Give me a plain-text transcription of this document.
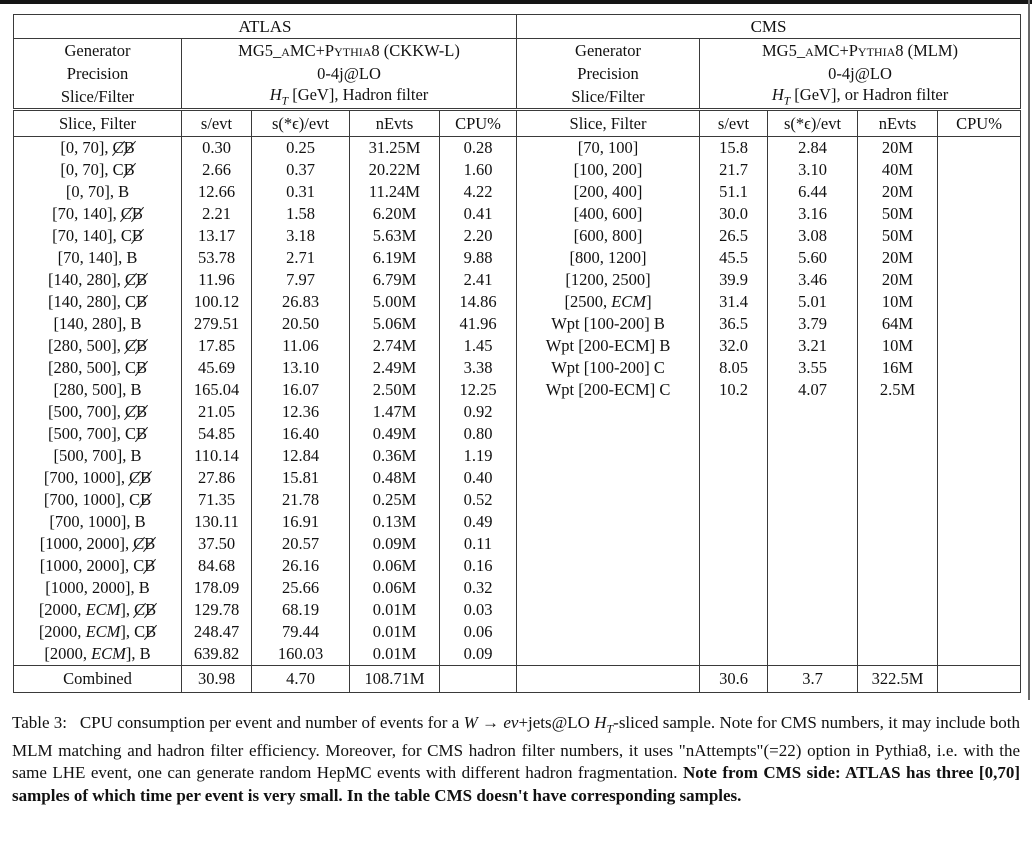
ATLAS					CMS				
Generator	MG5_aMC+Pythia8 (CKKW-L)				Generator	MG5_aMC+Pythia8 (MLM)			
Precision	0-4j@LO				Precision	0-4j@LO			
Slice/Filter	$H_T$ [GeV], Hadron filter				Slice/Filter	$H_T$ [GeV], or Hadron filter			
Slice, Filter	s/evt	s(*ϵ)/evt	nEvts	CPU%	Slice, Filter	s/evt	s(*ϵ)/evt	nEvts	CPU%
[0, 70], CB	0.30	0.25	31.25M	0.28	[70, 100]	15.8	2.84	20M	
[0, 70], CB	2.66	0.37	20.22M	1.60	[100, 200]	21.7	3.10	40M	
[0, 70], B	12.66	0.31	11.24M	4.22	[200, 400]	51.1	6.44	20M	
[70, 140], CB	2.21	1.58	6.20M	0.41	[400, 600]	30.0	3.16	50M	
[70, 140], CB	13.17	3.18	5.63M	2.20	[600, 800]	26.5	3.08	50M	
[70, 140], B	53.78	2.71	6.19M	9.88	[800, 1200]	45.5	5.60	20M	
[140, 280], CB	11.96	7.97	6.79M	2.41	[1200, 2500]	39.9	3.46	20M	
[140, 280], CB	100.12	26.83	5.00M	14.86	[2500, ECM]	31.4	5.01	10M	
[140, 280], B	279.51	20.50	5.06M	41.96	Wpt [100-200] B	36.5	3.79	64M	
[280, 500], CB	17.85	11.06	2.74M	1.45	Wpt [200-ECM] B	32.0	3.21	10M	
[280, 500], CB	45.69	13.10	2.49M	3.38	Wpt [100-200] C	8.05	3.55	16M	
[280, 500], B	165.04	16.07	2.50M	12.25	Wpt [200-ECM] C	10.2	4.07	2.5M	
[500, 700], CB	21.05	12.36	1.47M	0.92					
[500, 700], CB	54.85	16.40	0.49M	0.80					
[500, 700], B	110.14	12.84	0.36M	1.19					
[700, 1000], CB	27.86	15.81	0.48M	0.40					
[700, 1000], CB	71.35	21.78	0.25M	0.52					
[700, 1000], B	130.11	16.91	0.13M	0.49					
[1000, 2000], CB	37.50	20.57	0.09M	0.11					
[1000, 2000], CB	84.68	26.16	0.06M	0.16					
[1000, 2000], B	178.09	25.66	0.06M	0.32					
[2000, ECM], CB	129.78	68.19	0.01M	0.03					
[2000, ECM], CB	248.47	79.44	0.01M	0.06					
[2000, ECM], B	639.82	160.03	0.01M	0.09					
Combined	30.98	4.70	108.71M			30.6	3.7	322.5M	

Table 3:  CPU consumption per event and number of events for a W → eν+jets@LO $H_T$-sliced sample. Note for CMS numbers, it may include both MLM matching and hadron filter efficiency. Moreover, for CMS hadron filter numbers, it uses "nAttempts"(=22) option in Pythia8, i.e. with the same LHE event, one can generate random HepMC events with different hadron fragmentation. Note from CMS side: ATLAS has three [0,70] samples of which time per event is very small. In the table CMS doesn't have corresponding samples.
